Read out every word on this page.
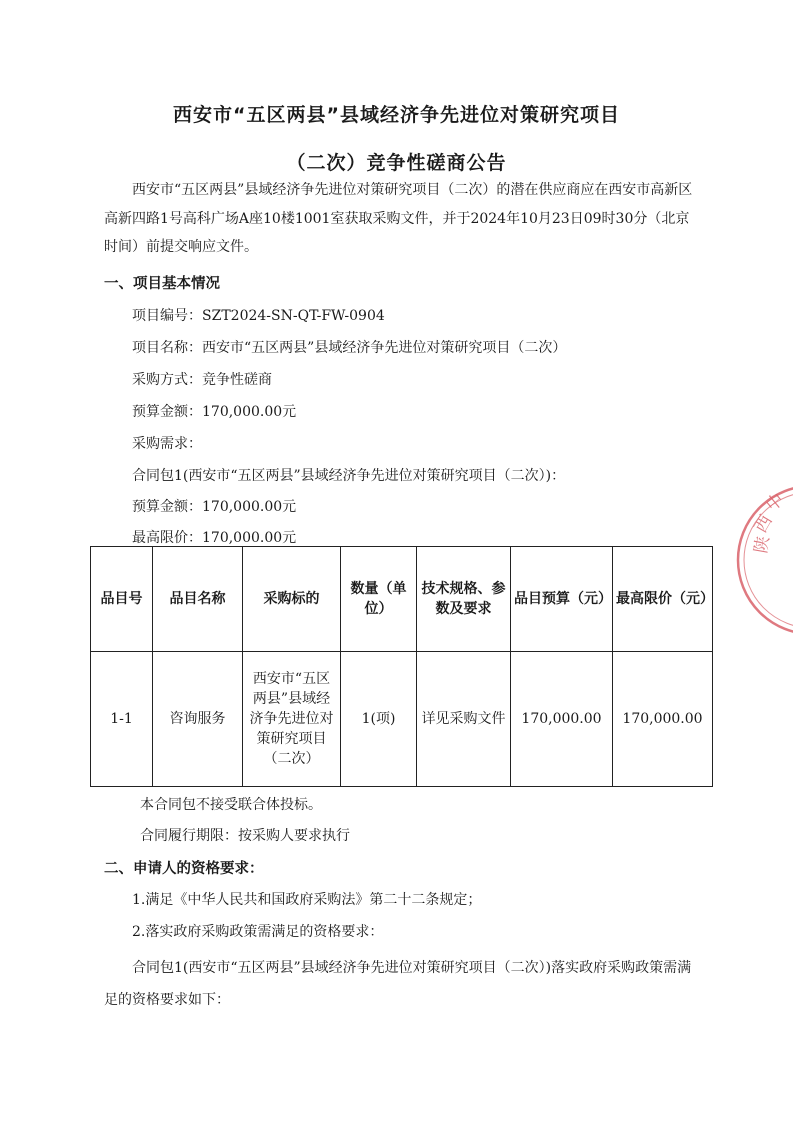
西安市“五区两县”县域经济争先进位对策研究项目
（二次）竞争性磋商公告

西安市“五区两县”县域经济争先进位对策研究项目（二次）的潜在供应商应在西安市高新区高新四路1号高科广场A座10楼1001室获取采购文件，并于2024年10月23日09时30分（北京时间）前提交响应文件。

一、项目基本情况
项目编号：SZT2024-SN-QT-FW-0904
项目名称：西安市“五区两县”县域经济争先进位对策研究项目（二次）
采购方式：竞争性磋商
预算金额：170,000.00元
采购需求：
合同包1(西安市“五区两县”县域经济争先进位对策研究项目（二次）)：
预算金额：170,000.00元
最高限价：170,000.00元
品目号	品目名称	采购标的	数量（单位）	技术规格、参数及要求	品目预算（元）	最高限价（元）
1-1	咨询服务	西安市“五区两县”县域经济争先进位对策研究项目（二次）	1(项)	详见采购文件	170,000.00	170,000.00
本合同包不接受联合体投标。
合同履行期限：按采购人要求执行
二、申请人的资格要求：
1.满足《中华人民共和国政府采购法》第二十二条规定；
2.落实政府采购政策需满足的资格要求：

合同包1(西安市“五区两县”县域经济争先进位对策研究项目（二次）)落实政府采购政策需满足的资格要求如下：

陕
西
中
